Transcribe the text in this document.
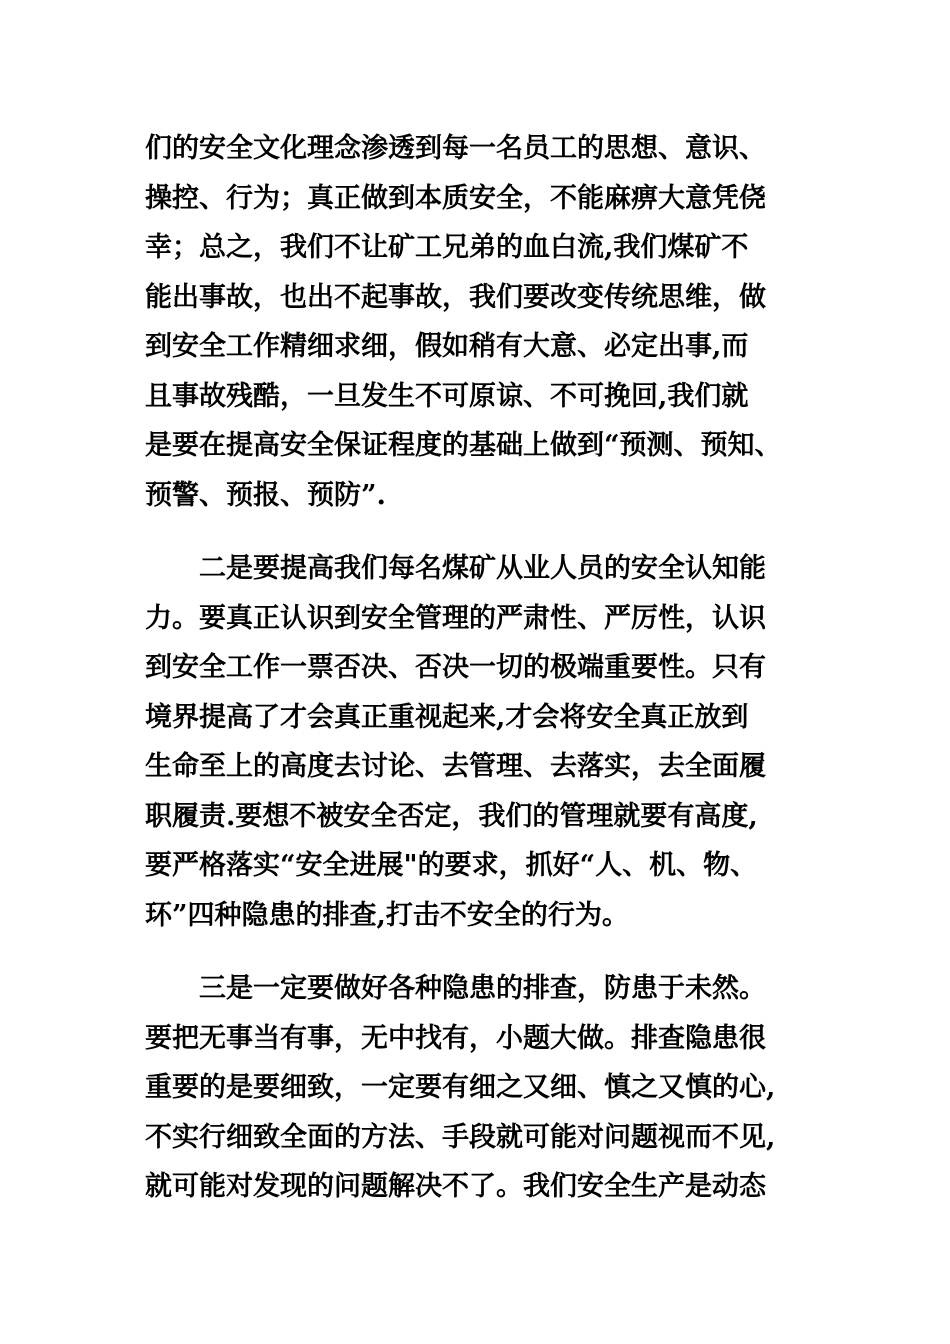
们的安全文化理念渗透到每一名员工的思想、意识、
操控、行为；真正做到本质安全，不能麻痹大意凭侥
幸；总之，我们不让矿工兄弟的血白流,我们煤矿不
能出事故，也出不起事故，我们要改变传统思维，做
到安全工作精细求细，假如稍有大意、必定出事,而
且事故残酷，一旦发生不可原谅、不可挽回,我们就
是要在提高安全保证程度的基础上做到“预测、预知、
预警、预报、预防”.
　　二是要提高我们每名煤矿从业人员的安全认知能
力。要真正认识到安全管理的严肃性、严厉性，认识
到安全工作一票否决、否决一切的极端重要性。只有
境界提高了才会真正重视起来,才会将安全真正放到
生命至上的高度去讨论、去管理、去落实，去全面履
职履责.要想不被安全否定，我们的管理就要有高度,
要严格落实“安全进展"的要求，抓好“人、机、物、
环”四种隐患的排查,打击不安全的行为。
　　三是一定要做好各种隐患的排查，防患于未然。
要把无事当有事，无中找有，小题大做。排查隐患很
重要的是要细致，一定要有细之又细、慎之又慎的心,
不实行细致全面的方法、手段就可能对问题视而不见,
就可能对发现的问题解决不了。我们安全生产是动态
